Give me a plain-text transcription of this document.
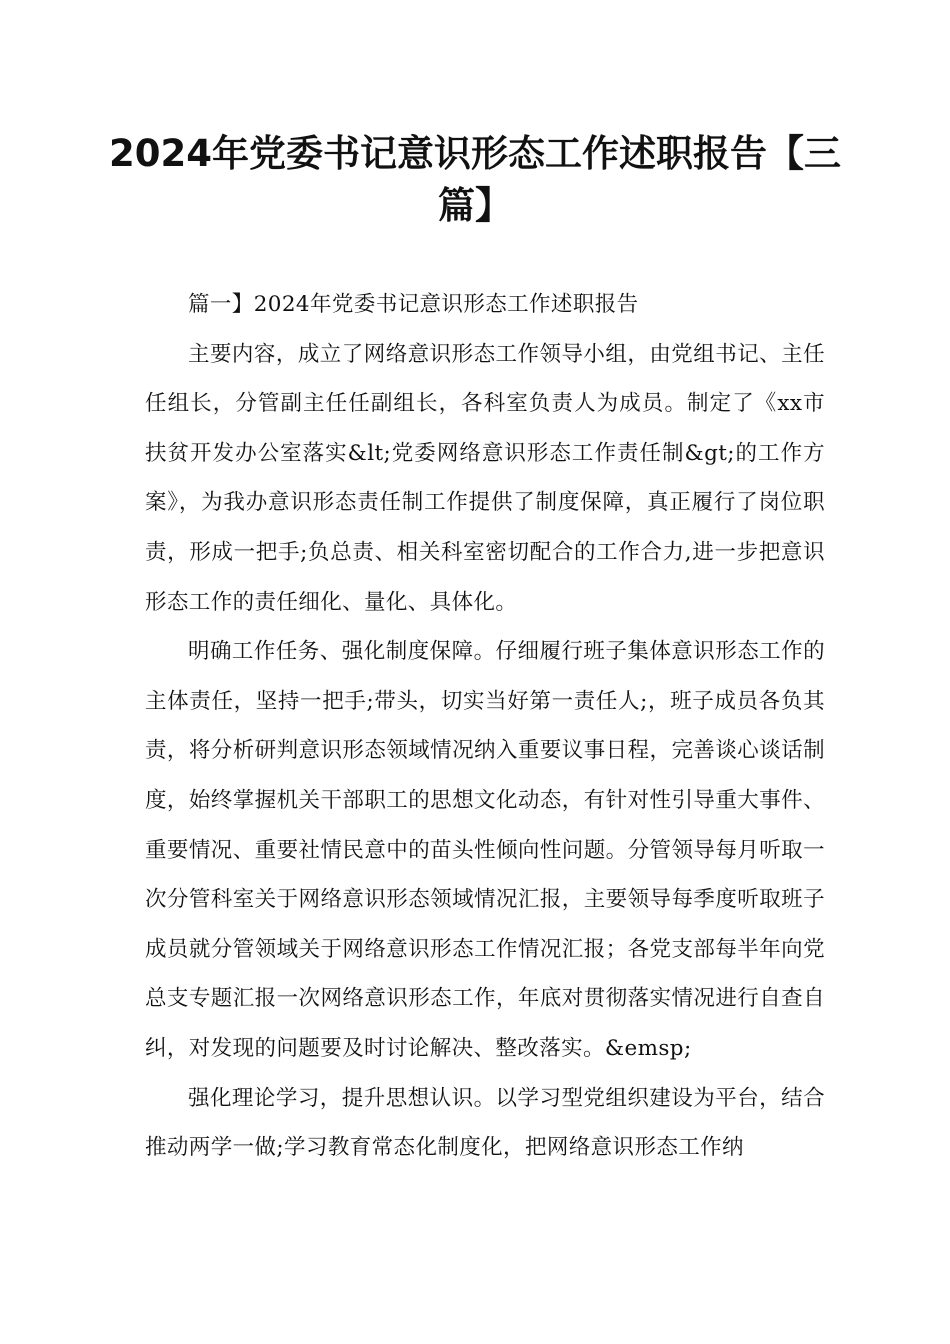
2024年党委书记意识形态工作述职报告【三篇】

篇一】2024年党委书记意识形态工作述职报告

主要内容，成立了网络意识形态工作领导小组，由党组书记、主任任组长，分管副主任任副组长，各科室负责人为成员。制定了《xx市扶贫开发办公室落实&lt;党委网络意识形态工作责任制&gt;的工作方案》，为我办意识形态责任制工作提供了制度保障，真正履行了岗位职责，形成一把手;负总责、相关科室密切配合的工作合力,进一步把意识形态工作的责任细化、量化、具体化。

明确工作任务、强化制度保障。仔细履行班子集体意识形态工作的主体责任，坚持一把手;带头，切实当好第一责任人;，班子成员各负其责，将分析研判意识形态领域情况纳入重要议事日程，完善谈心谈话制度，始终掌握机关干部职工的思想文化动态，有针对性引导重大事件、重要情况、重要社情民意中的苗头性倾向性问题。分管领导每月听取一次分管科室关于网络意识形态领域情况汇报，主要领导每季度听取班子成员就分管领域关于网络意识形态工作情况汇报；各党支部每半年向党总支专题汇报一次网络意识形态工作，年底对贯彻落实情况进行自查自纠，对发现的问题要及时讨论解决、整改落实。&emsp;

强化理论学习，提升思想认识。以学习型党组织建设为平台，结合推动两学一做;学习教育常态化制度化，把网络意识形态工作纳
